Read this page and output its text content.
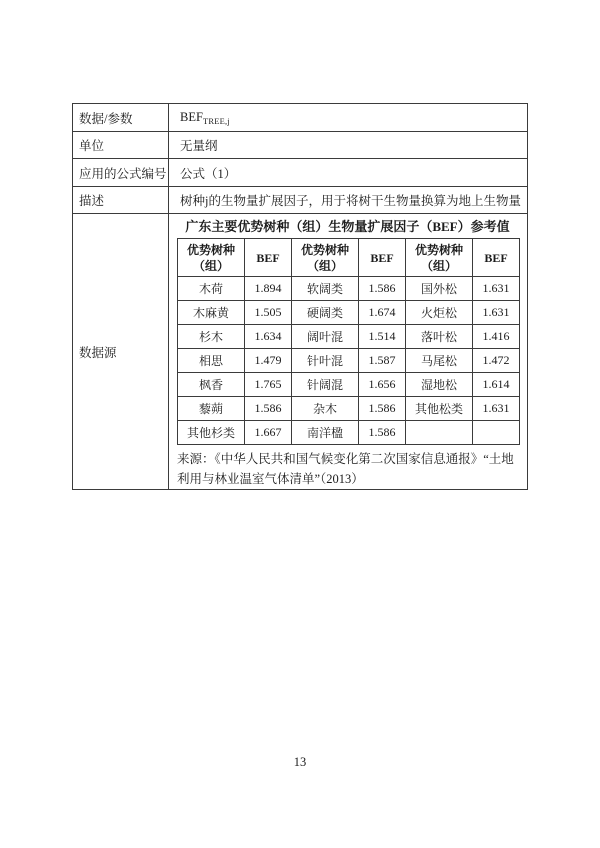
数据/参数	$BEF_{TREE,j}$
单位	无量纲
应用的公式编号	公式（1）
描述	树种j的生物量扩展因子，用于将树干生物量换算为地上生物量
数据源	
广东主要优势树种（组）生物量扩展因子（BEF）参考值
优势树种（组）	BEF	优势树种（组）	BEF	优势树种（组）	BEF
木荷	1.894	软阔类	1.586	国外松	1.631
木麻黄	1.505	硬阔类	1.674	火炬松	1.631
杉木	1.634	阔叶混	1.514	落叶松	1.416
相思	1.479	针叶混	1.587	马尾松	1.472
枫香	1.765	针阔混	1.656	湿地松	1.614
藜蒴	1.586	杂木	1.586	其他松类	1.631
其他杉类	1.667	南洋楹	1.586		
来源：《中华人民共和国气候变化第二次国家信息通报》“土地利用与林业温室气体清单”（2013）
13
